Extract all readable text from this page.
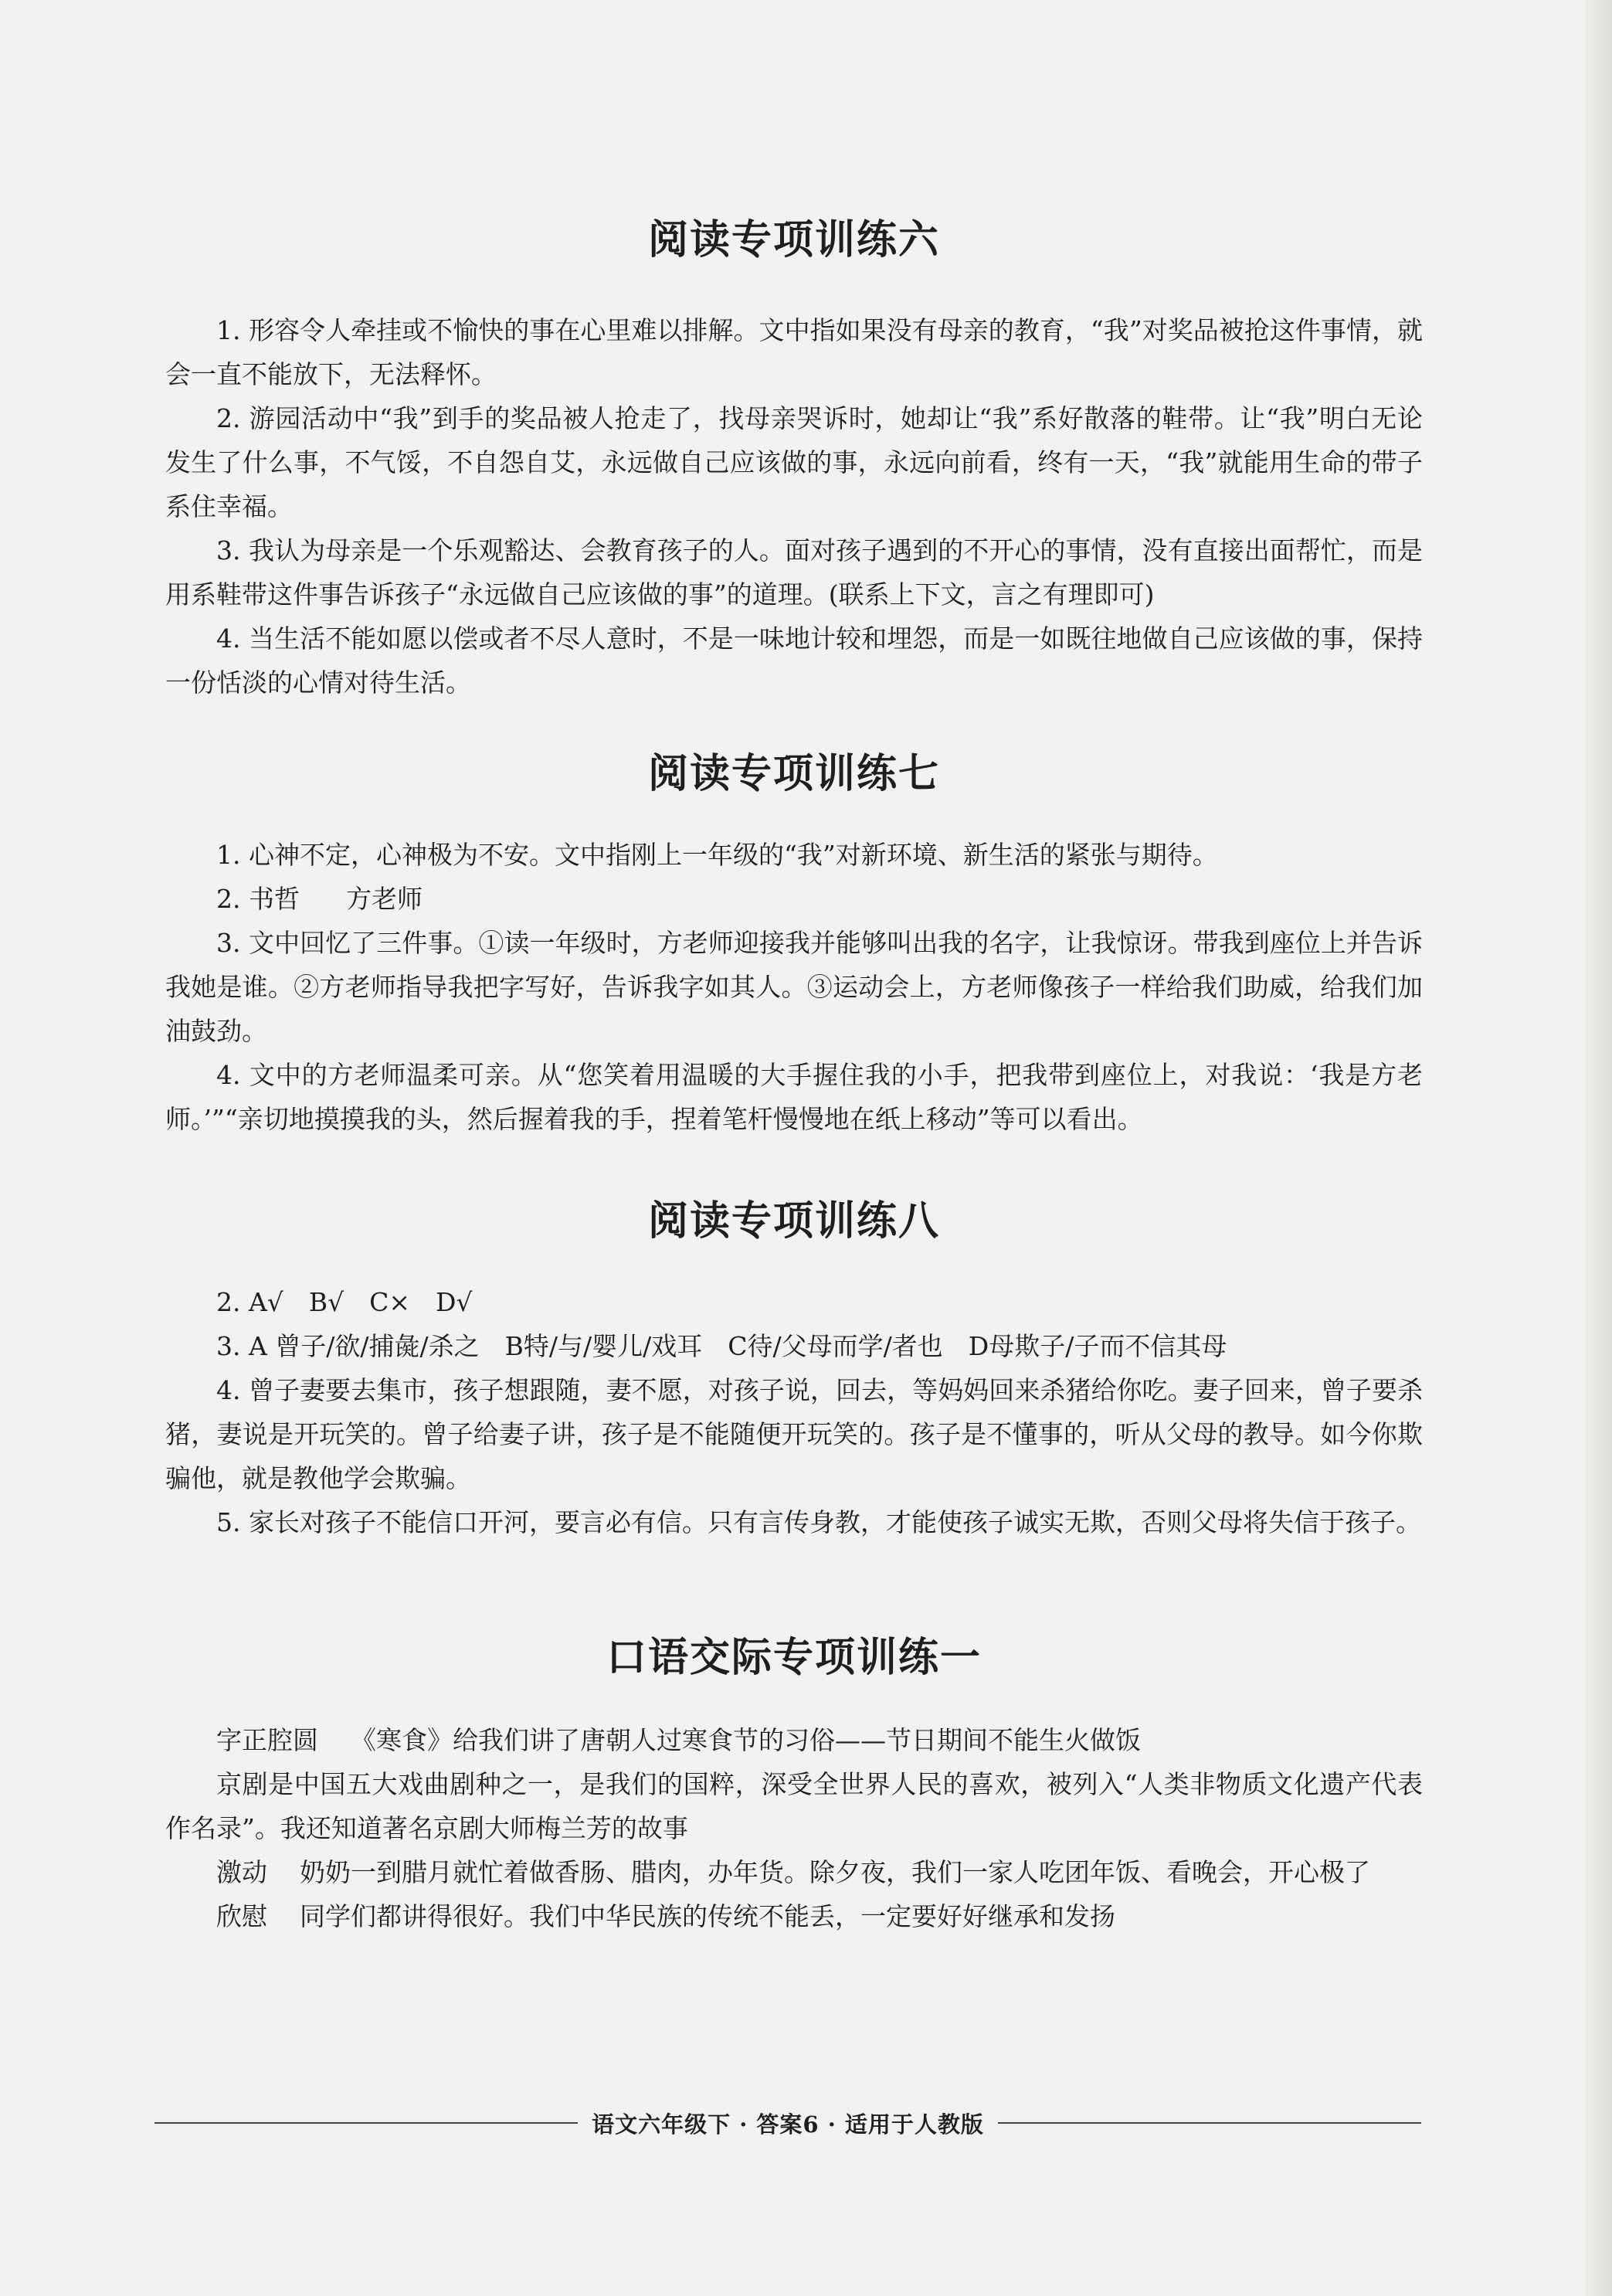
阅读专项训练六

1. 形容令人牵挂或不愉快的事在心里难以排解。文中指如果没有母亲的教育，“我”对奖品被抢这件事情，就会一直不能放下，无法释怀。

2. 游园活动中“我”到手的奖品被人抢走了，找母亲哭诉时，她却让“我”系好散落的鞋带。让“我”明白无论发生了什么事，不气馁，不自怨自艾，永远做自己应该做的事，永远向前看，终有一天，“我”就能用生命的带子系住幸福。

3. 我认为母亲是一个乐观豁达、会教育孩子的人。面对孩子遇到的不开心的事情，没有直接出面帮忙，而是用系鞋带这件事告诉孩子“永远做自己应该做的事”的道理。(联系上下文，言之有理即可)

4. 当生活不能如愿以偿或者不尽人意时，不是一味地计较和埋怨，而是一如既往地做自己应该做的事，保持一份恬淡的心情对待生活。

阅读专项训练七

1. 心神不定，心神极为不安。文中指刚上一年级的“我”对新环境、新生活的紧张与期待。

2. 书哲 方老师

3. 文中回忆了三件事。①读一年级时，方老师迎接我并能够叫出我的名字，让我惊讶。带我到座位上并告诉我她是谁。②方老师指导我把字写好，告诉我字如其人。③运动会上，方老师像孩子一样给我们助威，给我们加油鼓劲。

4. 文中的方老师温柔可亲。从“您笑着用温暖的大手握住我的小手，把我带到座位上，对我说：‘我是方老师。’”“亲切地摸摸我的头，然后握着我的手，捏着笔杆慢慢地在纸上移动”等可以看出。

阅读专项训练八

2. A√　B√　C×　D√

3. A 曾子/欲/捕彘/杀之　B特/与/婴儿/戏耳　C待/父母而学/者也　D母欺子/子而不信其母

4. 曾子妻要去集市，孩子想跟随，妻不愿，对孩子说，回去，等妈妈回来杀猪给你吃。妻子回来，曾子要杀猪，妻说是开玩笑的。曾子给妻子讲，孩子是不能随便开玩笑的。孩子是不懂事的，听从父母的教导。如今你欺骗他，就是教他学会欺骗。

5. 家长对孩子不能信口开河，要言必有信。只有言传身教，才能使孩子诚实无欺，否则父母将失信于孩子。

口语交际专项训练一

字正腔圆 《寒食》给我们讲了唐朝人过寒食节的习俗——节日期间不能生火做饭

京剧是中国五大戏曲剧种之一，是我们的国粹，深受全世界人民的喜欢，被列入“人类非物质文化遗产代表作名录”。我还知道著名京剧大师梅兰芳的故事

激动 奶奶一到腊月就忙着做香肠、腊肉，办年货。除夕夜，我们一家人吃团年饭、看晚会，开心极了

欣慰 同学们都讲得很好。我们中华民族的传统不能丢，一定要好好继承和发扬

语文六年级下 · 答案6 · 适用于人教版
